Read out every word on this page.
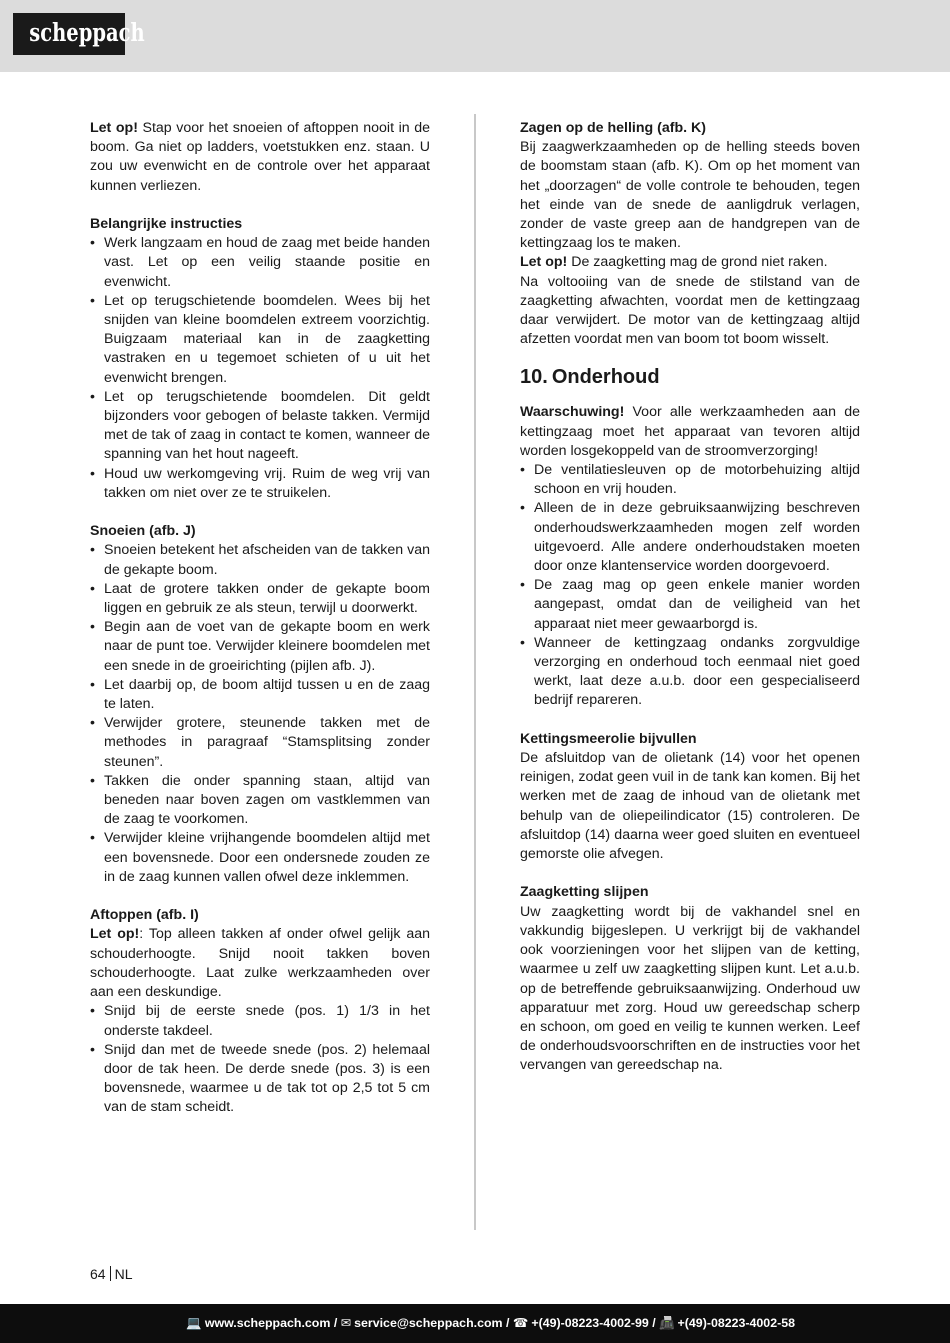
scheppach

Let op! Stap voor het snoeien of aftoppen nooit in de boom. Ga niet op ladders, voetstukken enz. staan. U zou uw evenwicht en de controle over het apparaat kunnen verliezen.

Belangrijke instructies

• Werk langzaam en houd de zaag met beide handen vast. Let op een veilig staande positie en evenwicht.
• Let op terugschietende boomdelen. Wees bij het snijden van kleine boomdelen extreem voorzichtig. Buigzaam materiaal kan in de zaagketting vastraken en u tegemoet schieten of u uit het evenwicht brengen.
• Let op terugschietende boomdelen. Dit geldt bijzonders voor gebogen of belaste takken. Vermijd met de tak of zaag in contact te komen, wanneer de spanning van het hout nageeft.
• Houd uw werkomgeving vrij. Ruim de weg vrij van takken om niet over ze te struikelen.

Snoeien (afb. J)

• Snoeien betekent het afscheiden van de takken van de gekapte boom.
• Laat de grotere takken onder de gekapte boom liggen en gebruik ze als steun, terwijl u doorwerkt.
• Begin aan de voet van de gekapte boom en werk naar de punt toe. Verwijder kleinere boomdelen met een snede in de groeirichting (pijlen afb. J).
• Let daarbij op, de boom altijd tussen u en de zaag te laten.
• Verwijder grotere, steunende takken met de methodes in paragraaf “Stamsplitsing zonder steunen”.
• Takken die onder spanning staan, altijd van beneden naar boven zagen om vastklemmen van de zaag te voorkomen.
• Verwijder kleine vrijhangende boomdelen altijd met een bovensnede. Door een ondersnede zouden ze in de zaag kunnen vallen ofwel deze inklemmen.

Aftoppen (afb. I)

Let op!: Top alleen takken af onder ofwel gelijk aan schouderhoogte. Snijd nooit takken boven schouderhoogte. Laat zulke werkzaamheden over aan een deskundige.

• Snijd bij de eerste snede (pos. 1) 1/3 in het onderste takdeel.
• Snijd dan met de tweede snede (pos. 2) helemaal door de tak heen. De derde snede (pos. 3) is een bovensnede, waarmee u de tak tot op 2,5 tot 5 cm van de stam scheidt.

Zagen op de helling (afb. K)

Bij zaagwerkzaamheden op de helling steeds boven de boomstam staan (afb. K). Om op het moment van het „doorzagen“ de volle controle te behouden, tegen het einde van de snede de aanligdruk verlagen, zonder de vaste greep aan de handgrepen van de kettingzaag los te maken.

Let op! De zaagketting mag de grond niet raken.

Na voltooiing van de snede de stilstand van de zaagketting afwachten, voordat men de kettingzaag daar verwijdert. De motor van de kettingzaag altijd afzetten voordat men van boom tot boom wisselt.

10. Onderhoud

Waarschuwing! Voor alle werkzaamheden aan de kettingzaag moet het apparaat van tevoren altijd worden losgekoppeld van de stroomverzorging!

• De ventilatiesleuven op de motorbehuizing altijd schoon en vrij houden.
• Alleen de in deze gebruiksaanwijzing beschreven onderhoudswerkzaamheden mogen zelf worden uitgevoerd. Alle andere onderhoudstaken moeten door onze klantenservice worden doorgevoerd.
• De zaag mag op geen enkele manier worden aangepast, omdat dan de veiligheid van het apparaat niet meer gewaarborgd is.
• Wanneer de kettingzaag ondanks zorgvuldige verzorging en onderhoud toch eenmaal niet goed werkt, laat deze a.u.b. door een gespecialiseerd bedrijf repareren.

Kettingsmeerolie bijvullen

De afsluitdop van de olietank (14) voor het openen reinigen, zodat geen vuil in de tank kan komen. Bij het werken met de zaag de inhoud van de olietank met behulp van de oliepeilindicator (15) controleren. De afsluitdop (14) daarna weer goed sluiten en eventueel gemorste olie afvegen.

Zaagketting slijpen

Uw zaagketting wordt bij de vakhandel snel en vakkundig bijgeslepen. U verkrijgt bij de vakhandel ook voorzieningen voor het slijpen van de ketting, waarmee u zelf uw zaagketting slijpen kunt. Let a.u.b. op de betreffende gebruiksaanwijzing. Onderhoud uw apparatuur met zorg. Houd uw gereedschap scherp en schoon, om goed en veilig te kunnen werken. Leef de onderhoudsvoorschriften en de instructies voor het vervangen van gereedschap na.

64 NL
💻 www.scheppach.com / ✉ service@scheppach.com / ☎ +(49)-08223-4002-99 / 📠 +(49)-08223-4002-58
